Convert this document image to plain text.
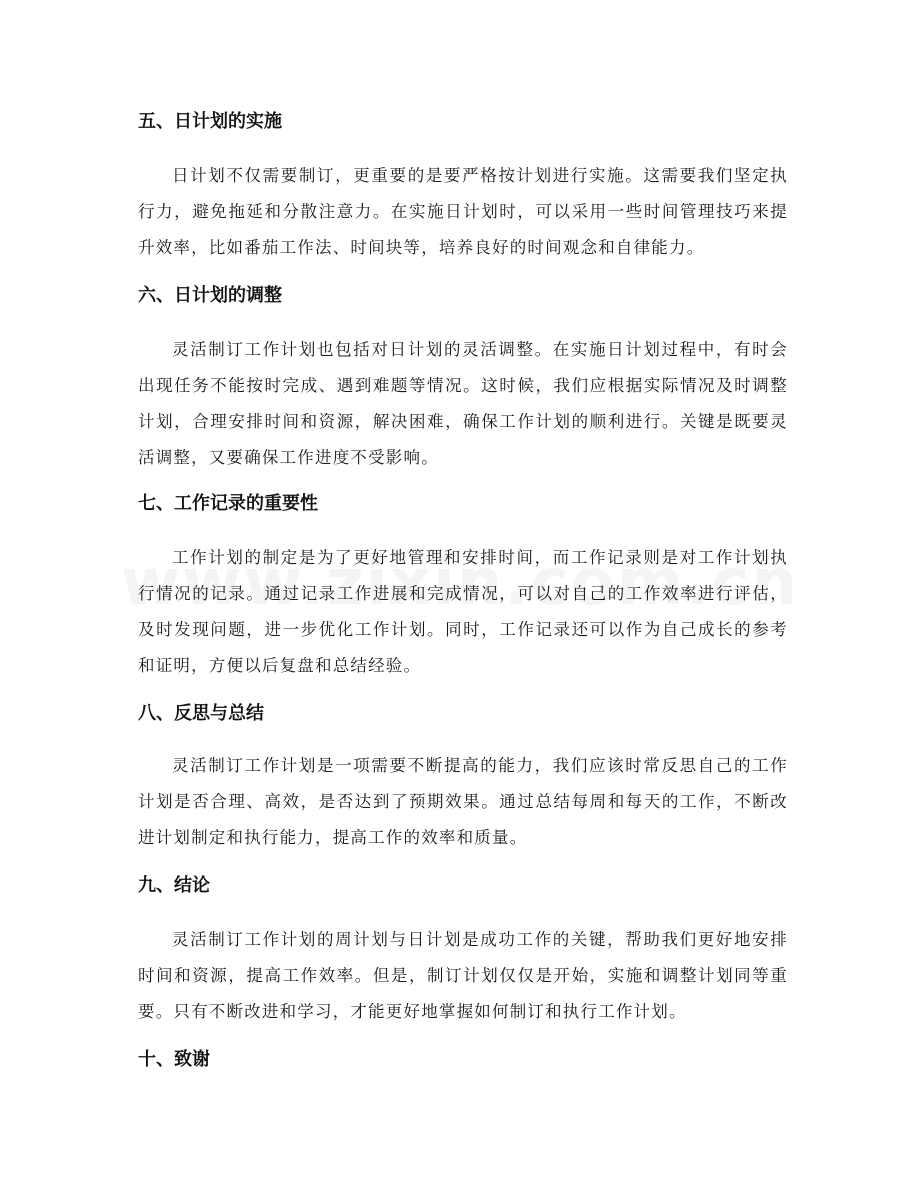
五、日计划的实施

日计划不仅需要制订，更重要的是要严格按计划进行实施。这需要我们坚定执行力，避免拖延和分散注意力。在实施日计划时，可以采用一些时间管理技巧来提升效率，比如番茄工作法、时间块等，培养良好的时间观念和自律能力。

六、日计划的调整

灵活制订工作计划也包括对日计划的灵活调整。在实施日计划过程中，有时会出现任务不能按时完成、遇到难题等情况。这时候，我们应根据实际情况及时调整计划，合理安排时间和资源，解决困难，确保工作计划的顺利进行。关键是既要灵活调整，又要确保工作进度不受影响。

七、工作记录的重要性

工作计划的制定是为了更好地管理和安排时间，而工作记录则是对工作计划执行情况的记录。通过记录工作进展和完成情况，可以对自己的工作效率进行评估，及时发现问题，进一步优化工作计划。同时，工作记录还可以作为自己成长的参考和证明，方便以后复盘和总结经验。

八、反思与总结

灵活制订工作计划是一项需要不断提高的能力，我们应该时常反思自己的工作计划是否合理、高效，是否达到了预期效果。通过总结每周和每天的工作，不断改进计划制定和执行能力，提高工作的效率和质量。

九、结论

灵活制订工作计划的周计划与日计划是成功工作的关键，帮助我们更好地安排时间和资源，提高工作效率。但是，制订计划仅仅是开始，实施和调整计划同等重要。只有不断改进和学习，才能更好地掌握如何制订和执行工作计划。

十、致谢
